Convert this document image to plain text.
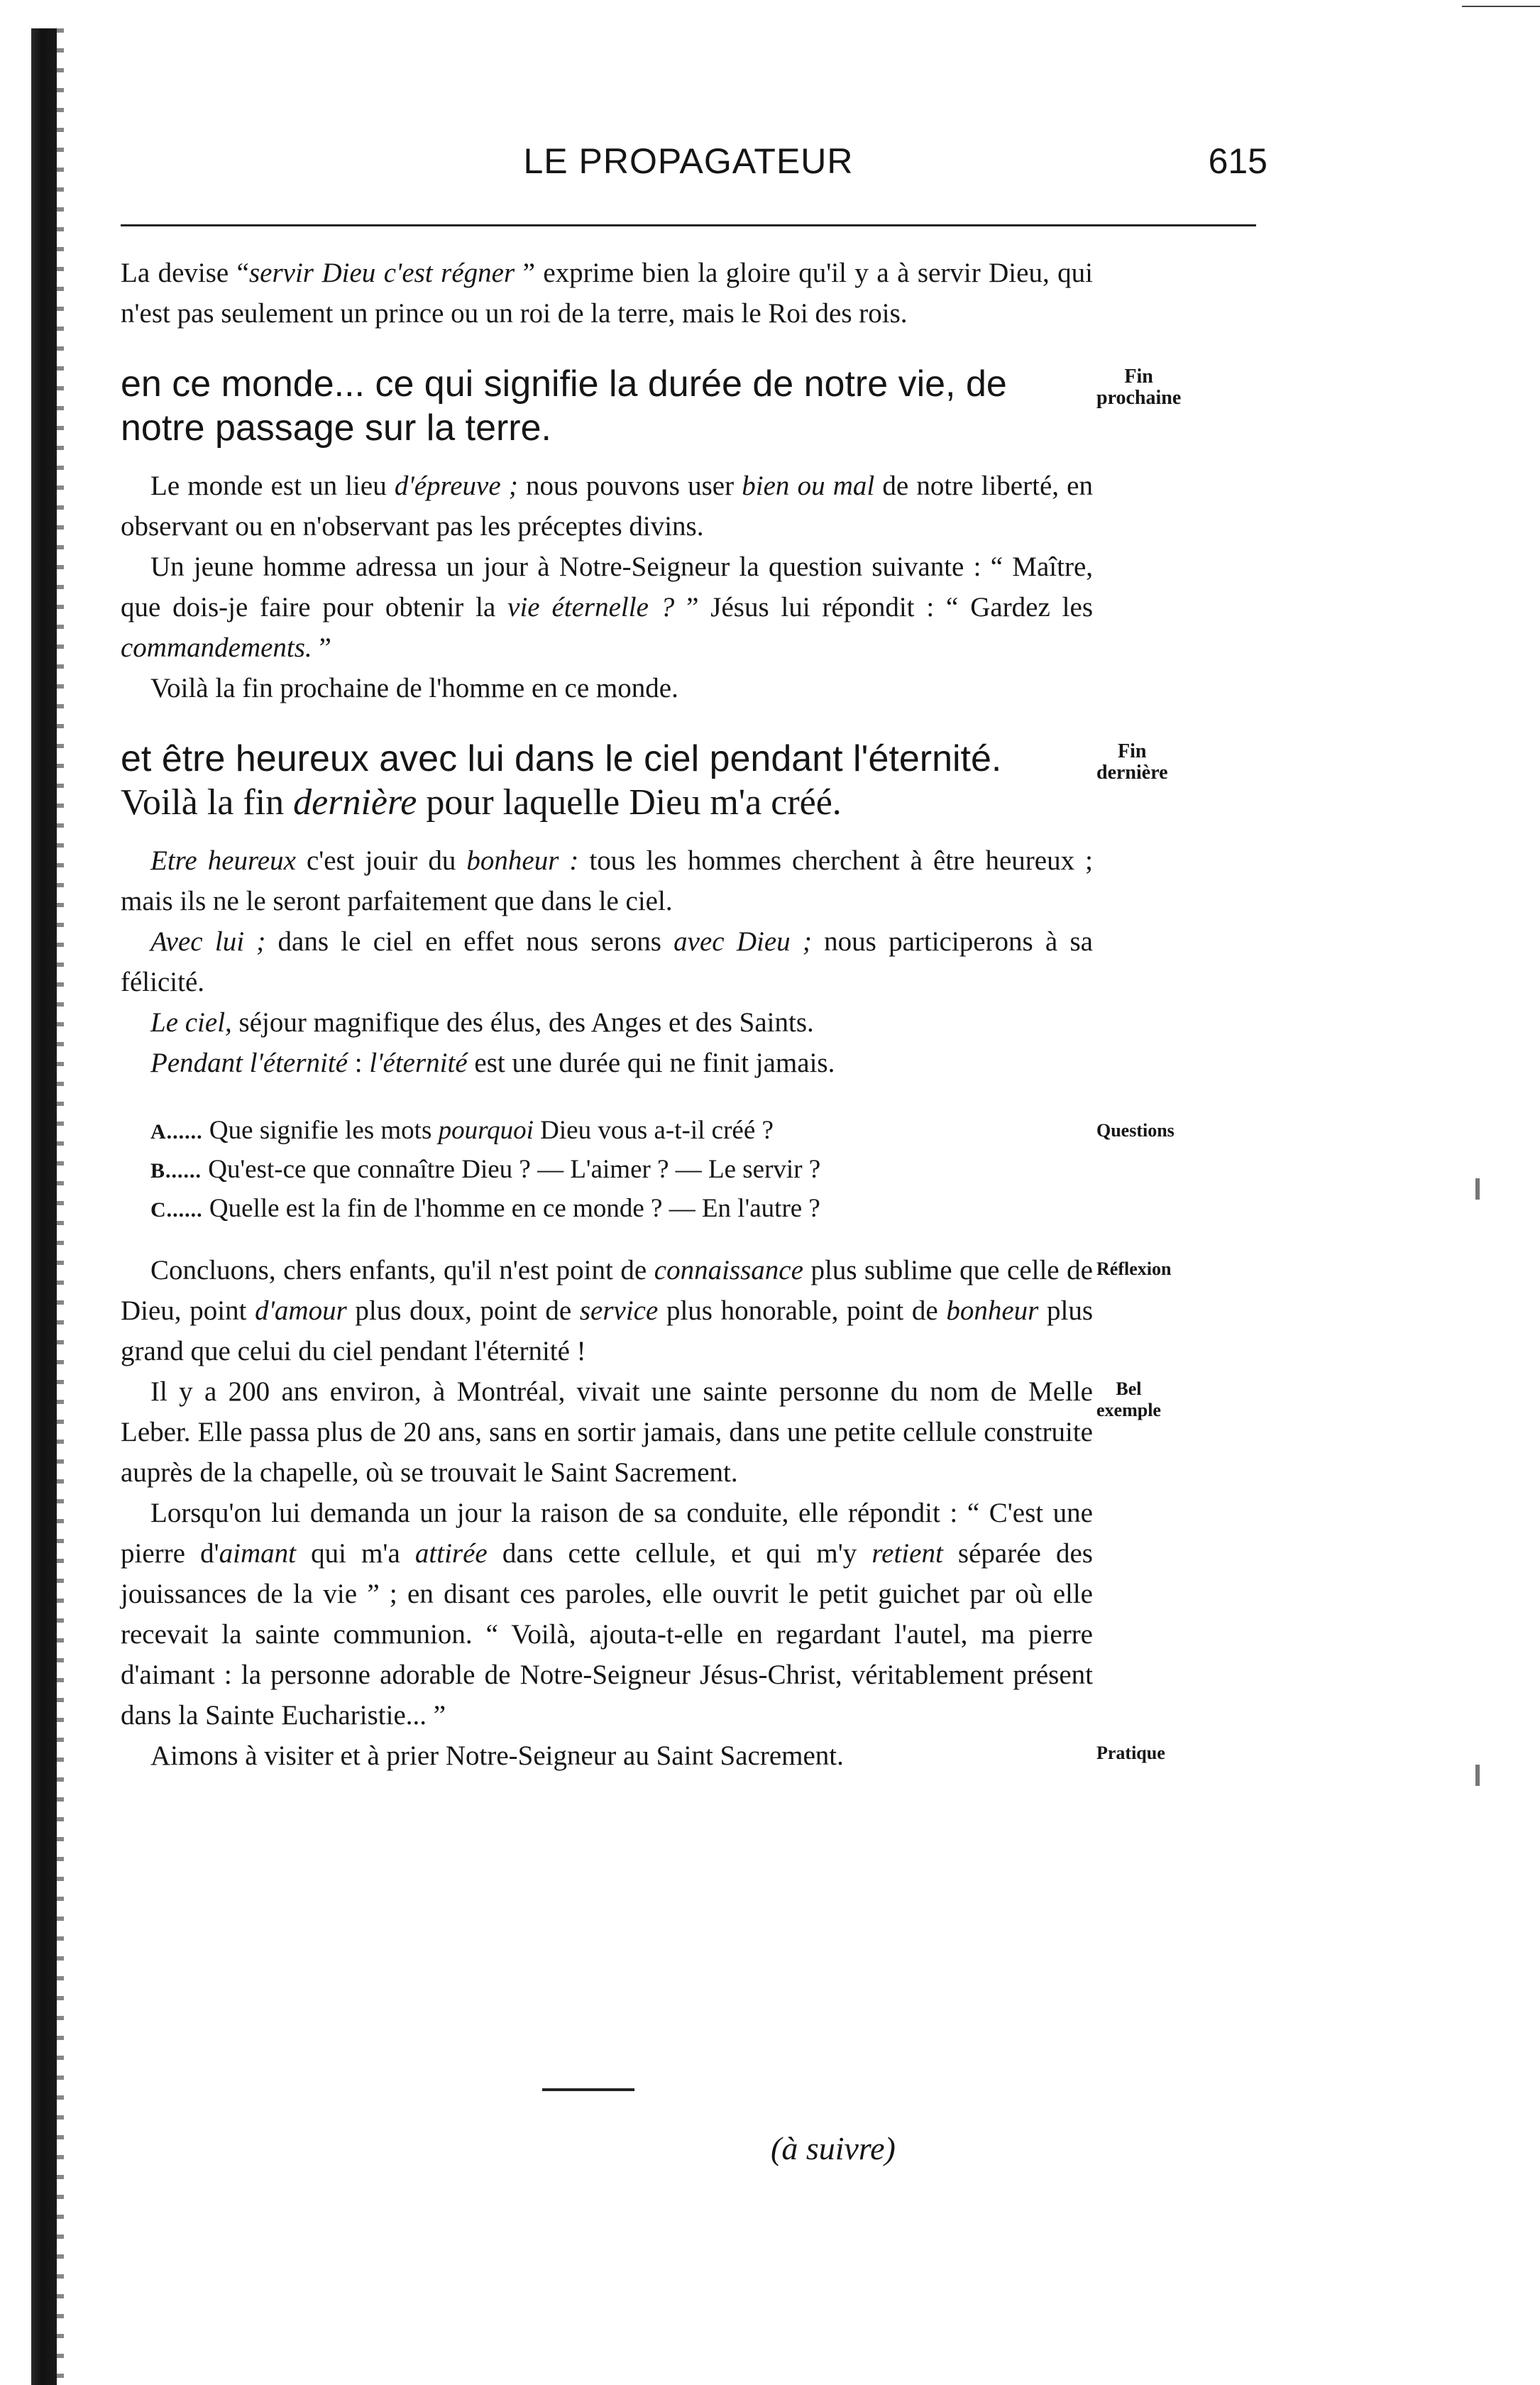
LE PROPAGATEUR	615

La devise “servir Dieu c'est régner ” exprime bien la gloire qu'il y a à servir Dieu, qui n'est pas seulement un prince ou un roi de la terre, mais le Roi des rois.

Fin
prochaine

en ce monde... ce qui signifie la durée de notre vie, de notre passage sur la terre.

Le monde est un lieu d'épreuve ; nous pouvons user bien ou mal de notre liberté, en observant ou en n'observant pas les préceptes divins.

Un jeune homme adressa un jour à Notre-Seigneur la question suivante : “ Maître, que dois-je faire pour obtenir la vie éternelle ? ” Jésus lui répondit : “ Gardez les commandements. ”

Voilà la fin prochaine de l'homme en ce monde.

Fin
dernière

et être heureux avec lui dans le ciel pendant l'éternité.

Voilà la fin dernière pour laquelle Dieu m'a créé.

Etre heureux c'est jouir du bonheur : tous les hommes cherchent à être heureux ; mais ils ne le seront parfaitement que dans le ciel.

Avec lui ; dans le ciel en effet nous serons avec Dieu ; nous participerons à sa félicité.

Le ciel, séjour magnifique des élus, des Anges et des Saints.

Pendant l'éternité : l'éternité est une durée qui ne finit jamais.

Questions

A...... Que signifie les mots pourquoi Dieu vous a-t-il créé ?

B...... Qu'est-ce que connaître Dieu ? — L'aimer ? — Le servir ?

C...... Quelle est la fin de l'homme en ce monde ? — En l'autre ?

Réflexion

Concluons, chers enfants, qu'il n'est point de connaissance plus sublime que celle de Dieu, point d'amour plus doux, point de service plus honorable, point de bonheur plus grand que celui du ciel pendant l'éternité !

Bel
exemple

Il y a 200 ans environ, à Montréal, vivait une sainte personne du nom de Melle Leber. Elle passa plus de 20 ans, sans en sortir jamais, dans une petite cellule construite auprès de la chapelle, où se trouvait le Saint Sacrement.

Lorsqu'on lui demanda un jour la raison de sa conduite, elle répondit : “ C'est une pierre d'aimant qui m'a attirée dans cette cellule, et qui m'y retient séparée des jouissances de la vie ” ; en disant ces paroles, elle ouvrit le petit guichet par où elle recevait la sainte communion. “ Voilà, ajouta-t-elle en regardant l'autel, ma pierre d'aimant : la personne adorable de Notre-Seigneur Jésus-Christ, véritablement présent dans la Sainte Eucharistie... ”

Pratique

Aimons à visiter et à prier Notre-Seigneur au Saint Sacrement.

(à suivre)
